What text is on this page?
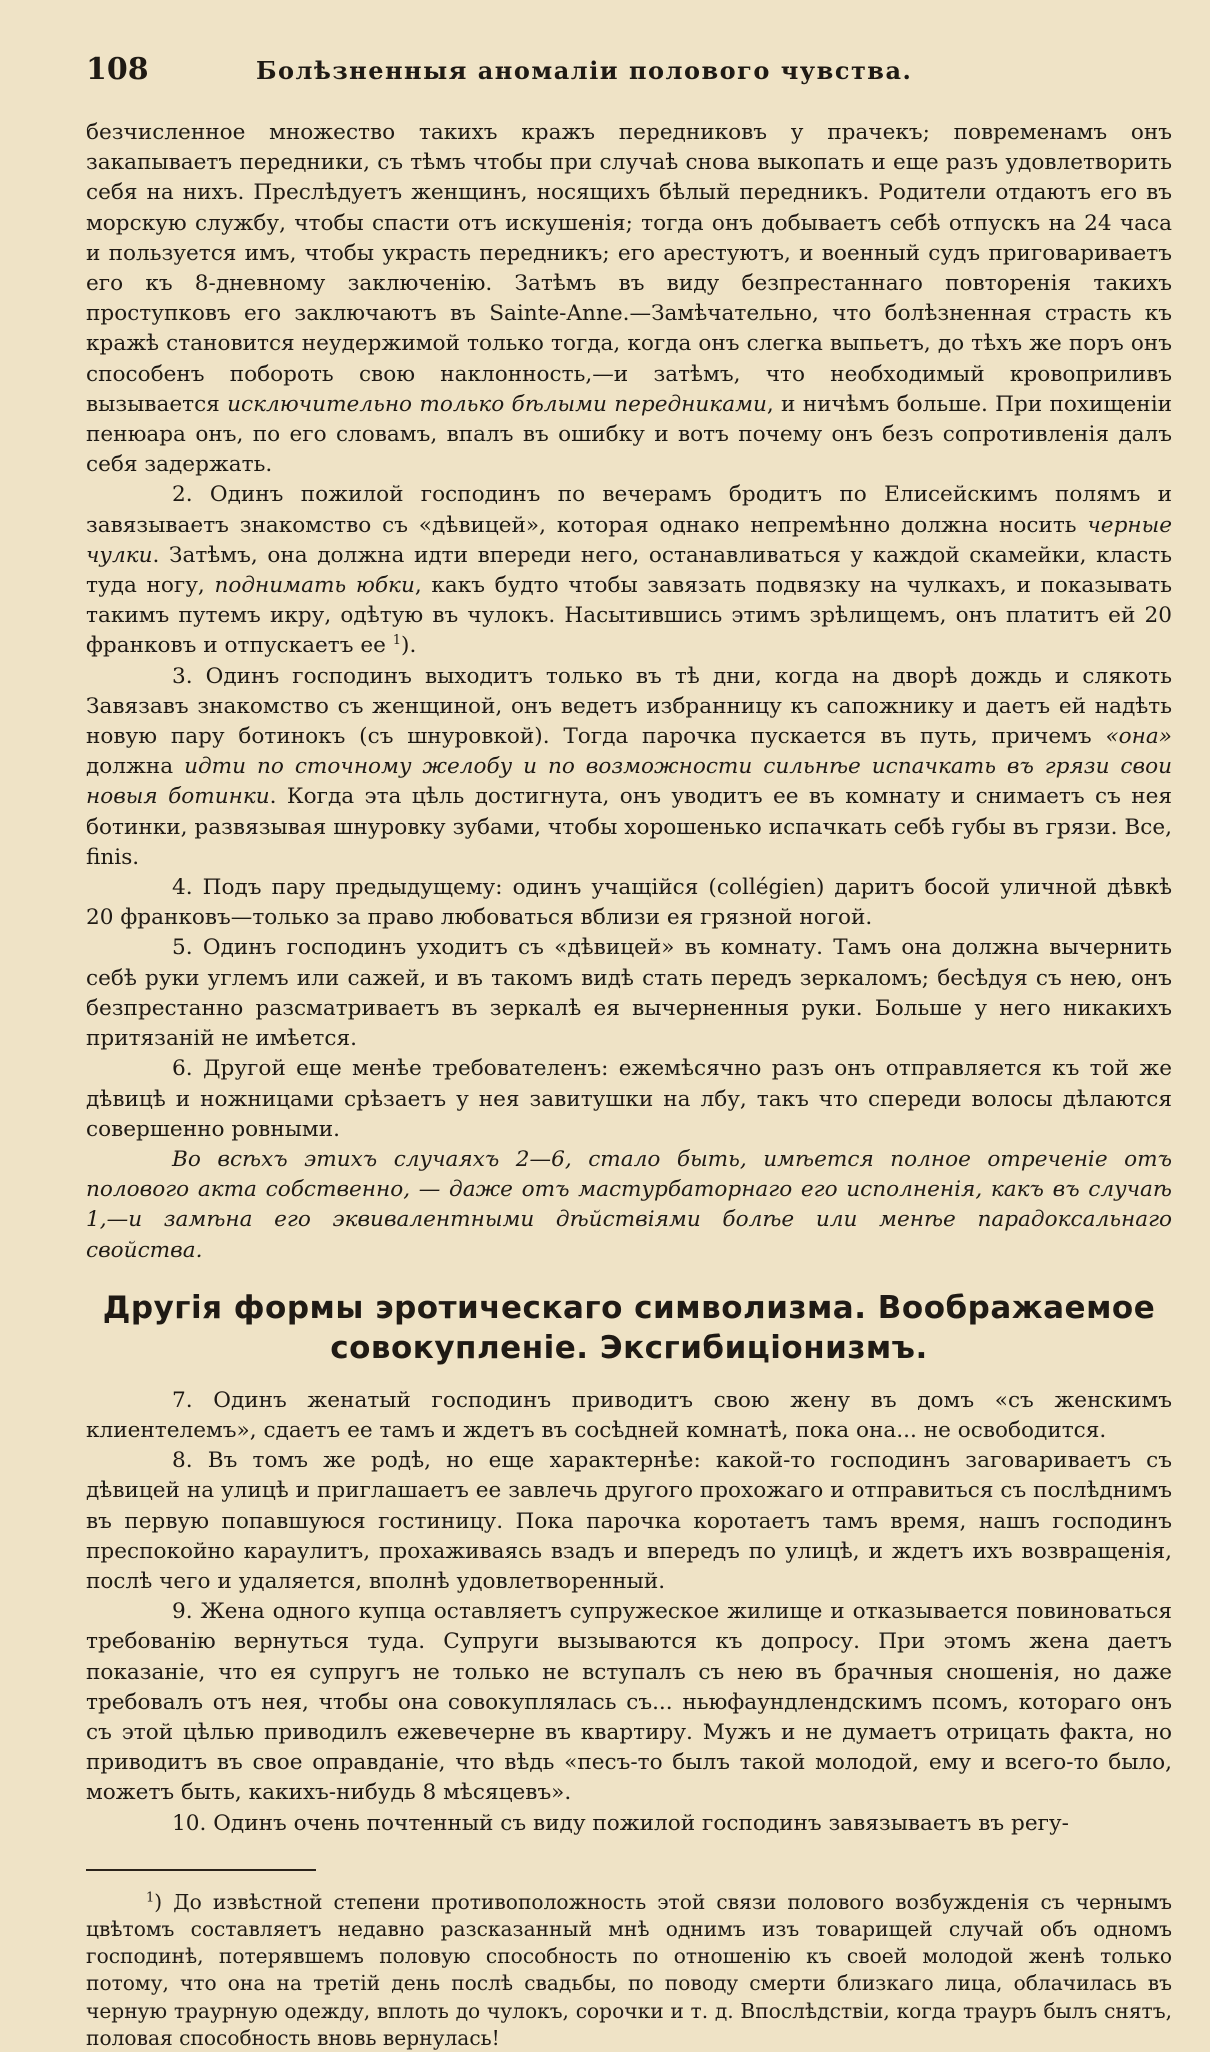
108	Болѣзненныя аномаліи полового чувства.

безчисленное множество такихъ кражъ передниковъ у прачекъ; повременамъ онъ закапываетъ передники, съ тѣмъ чтобы при случаѣ снова выкопать и еще разъ удовлетворить себя на нихъ. Преслѣдуетъ женщинъ, носящихъ бѣлый передникъ. Родители отдаютъ его въ морскую службу, чтобы спасти отъ искушенія; тогда онъ добываетъ себѣ отпускъ на 24 часа и пользуется имъ, чтобы украсть передникъ; его арестуютъ, и военный судъ приговариваетъ его къ 8-дневному заключенію. Затѣмъ въ виду безпрестаннаго повторенія такихъ проступковъ его заключаютъ въ Sainte-Anne.—Замѣчательно, что болѣзненная страсть къ кражѣ становится неудержимой только тогда, когда онъ слегка выпьетъ, до тѣхъ же поръ онъ способенъ побороть свою наклонность,—и затѣмъ, что необходимый кровоприливъ вызывается исключительно только бѣлыми передниками, и ничѣмъ больше. При похищеніи пенюара онъ, по его словамъ, впалъ въ ошибку и вотъ почему онъ безъ сопротивленія далъ себя задержать.

2. Одинъ пожилой господинъ по вечерамъ бродитъ по Елисейскимъ полямъ и завязываетъ знакомство съ «дѣвицей», которая однако непремѣнно должна носить черные чулки. Затѣмъ, она должна идти впереди него, останавливаться у каждой скамейки, класть туда ногу, поднимать юбки, какъ будто чтобы завязать подвязку на чулкахъ, и показывать такимъ путемъ икру, одѣтую въ чулокъ. Насытившись этимъ зрѣлищемъ, онъ платитъ ей 20 франковъ и отпускаетъ ее $^1$).

3. Одинъ господинъ выходитъ только въ тѣ дни, когда на дворѣ дождь и слякоть Завязавъ знакомство съ женщиной, онъ ведетъ избранницу къ сапожнику и даетъ ей надѣть новую пару ботинокъ (съ шнуровкой). Тогда парочка пускается въ путь, причемъ «она» должна идти по сточному желобу и по возможности сильнѣе испачкать въ грязи свои новыя ботинки. Когда эта цѣль достигнута, онъ уводитъ ее въ комнату и снимаетъ съ нея ботинки, развязывая шнуровку зубами, чтобы хорошенько испачкать себѣ губы въ грязи. Все, finis.

4. Подъ пару предыдущему: одинъ учащійся (collégien) даритъ босой уличной дѣвкѣ 20 франковъ—только за право любоваться вблизи ея грязной ногой.

5. Одинъ господинъ уходитъ съ «дѣвицей» въ комнату. Тамъ она должна вычернить себѣ руки углемъ или сажей, и въ такомъ видѣ стать передъ зеркаломъ; бесѣдуя съ нею, онъ безпрестанно разсматриваетъ въ зеркалѣ ея вычерненныя руки. Больше у него никакихъ притязаній не имѣется.

6. Другой еще менѣе требователенъ: ежемѣсячно разъ онъ отправляется къ той же дѣвицѣ и ножницами срѣзаетъ у нея завитушки на лбу, такъ что спереди волосы дѣлаются совершенно ровными.

Во всѣхъ этихъ случаяхъ 2—6, стало быть, имѣется полное отреченіе отъ полового акта собственно, — даже отъ мастурбаторнаго его исполненія, какъ въ случаѣ 1,—и замѣна его эквивалентными дѣйствіями болѣе или менѣе парадоксальнаго свойства.

Другія формы эротическаго символизма. Воображаемое
совокупленіе. Эксгибиціонизмъ.

7. Одинъ женатый господинъ приводитъ свою жену въ домъ «съ женскимъ клиентелемъ», сдаетъ ее тамъ и ждетъ въ сосѣдней комнатѣ, пока она... не освободится.

8. Въ томъ же родѣ, но еще характернѣе: какой-то господинъ заговариваетъ съ дѣвицей на улицѣ и приглашаетъ ее завлечь другого прохожаго и отправиться съ послѣднимъ въ первую попавшуюся гостиницу. Пока парочка коротаетъ тамъ время, нашъ господинъ преспокойно караулитъ, прохаживаясь взадъ и впередъ по улицѣ, и ждетъ ихъ возвращенія, послѣ чего и удаляется, вполнѣ удовлетворенный.

9. Жена одного купца оставляетъ супружеское жилище и отказывается повиноваться требованію вернуться туда. Супруги вызываются къ допросу. При этомъ жена даетъ показаніе, что ея супругъ не только не вступалъ съ нею въ брачныя сношенія, но даже требовалъ отъ нея, чтобы она совокуплялась съ... ньюфаундлендскимъ псомъ, котораго онъ съ этой цѣлью приводилъ ежевечерне въ квартиру. Мужъ и не думаетъ отрицать факта, но приводитъ въ свое оправданіе, что вѣдь «песъ-то былъ такой молодой, ему и всего-то было, можетъ быть, какихъ-нибудь 8 мѣсяцевъ».

10. Одинъ очень почтенный съ виду пожилой господинъ завязываетъ въ регу-

$^1$) До извѣстной степени противоположность этой связи полового возбужденія съ чернымъ цвѣтомъ составляетъ недавно разсказанный мнѣ однимъ изъ товарищей случай объ одномъ господинѣ, потерявшемъ половую способность по отношенію къ своей молодой женѣ только потому, что она на третій день послѣ свадьбы, по поводу смерти близкаго лица, облачилась въ черную траурную одежду, вплоть до чулокъ, сорочки и т. д. Впослѣдствіи, когда трауръ былъ снятъ, половая способность вновь вернулась!
